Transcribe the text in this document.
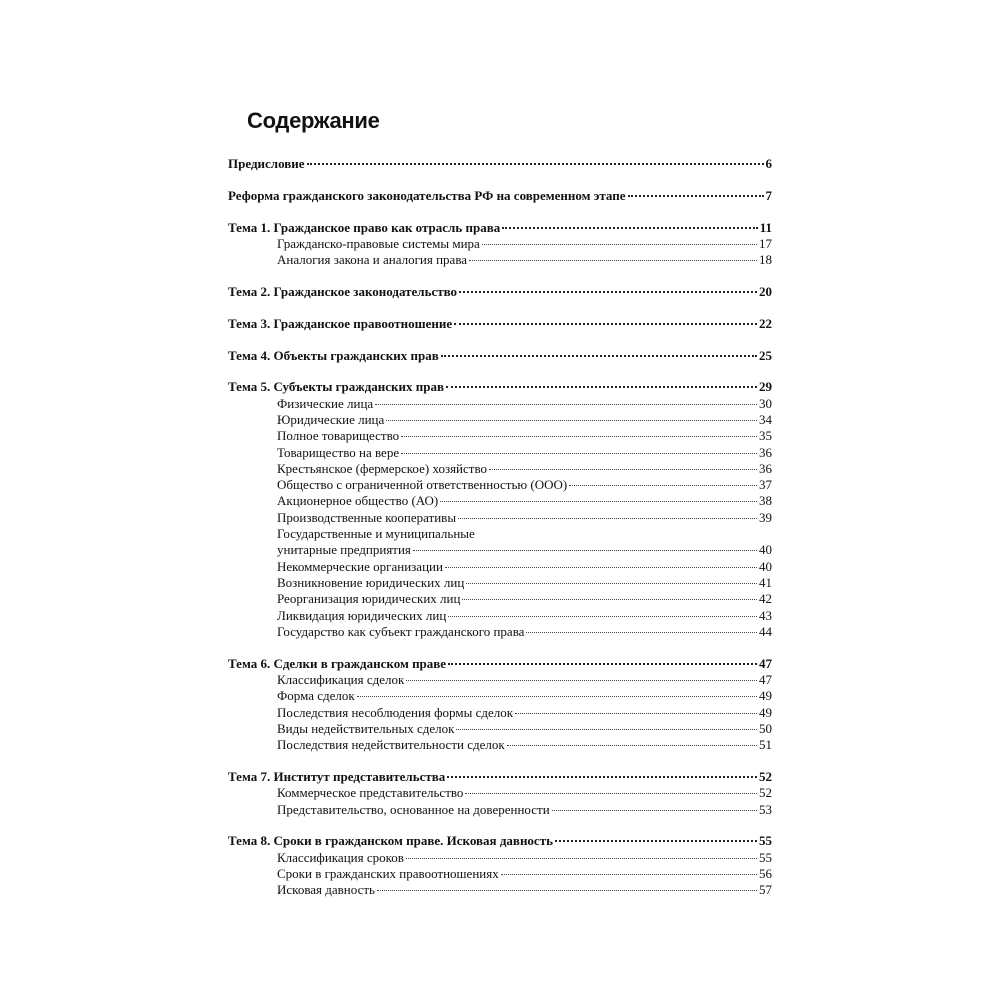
Содержание
Предисловие	6
Реформа гражданского законодательства РФ на современном этапе	7
Тема 1. Гражданское право как отрасль права	11
Гражданско-правовые системы мира	17
Аналогия закона и аналогия права	18
Тема 2. Гражданское законодательство	20
Тема 3. Гражданское правоотношение	22
Тема 4. Объекты гражданских прав	25
Тема 5. Субъекты гражданских прав	29
Физические лица	30
Юридические лица	34
Полное товарищество	35
Товарищество на вере	36
Крестьянское (фермерское) хозяйство	36
Общество с ограниченной ответственностью (ООО)	37
Акционерное общество (АО)	38
Производственные кооперативы	39
Государственные и муниципальные
унитарные предприятия	40
Некоммерческие организации	40
Возникновение юридических лиц	41
Реорганизация юридических лиц	42
Ликвидация юридических лиц	43
Государство как субъект гражданского права	44
Тема 6. Сделки в гражданском праве	47
Классификация сделок	47
Форма сделок	49
Последствия несоблюдения формы сделок	49
Виды недействительных сделок	50
Последствия недействительности сделок	51
Тема 7. Институт представительства	52
Коммерческое представительство	52
Представительство, основанное на доверенности	53
Тема 8. Сроки в гражданском праве. Исковая давность	55
Классификация сроков	55
Сроки в гражданских правоотношениях	56
Исковая давность	57
